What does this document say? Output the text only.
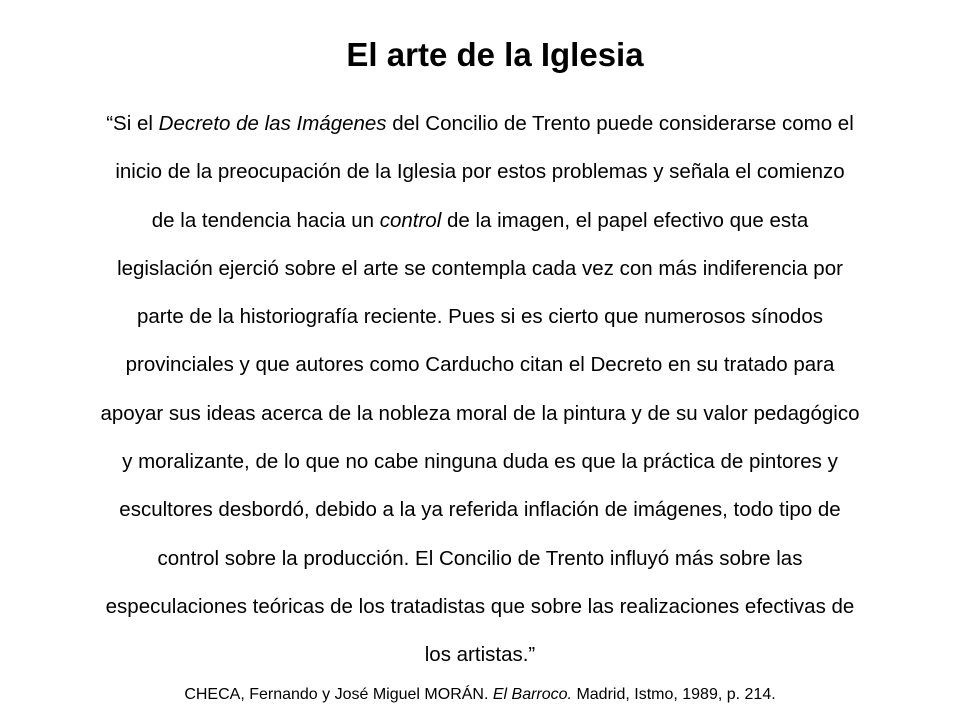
El arte de la Iglesia
“Si el Decreto de las Imágenes del Concilio de Trento puede considerarse como el
inicio de la preocupación de la Iglesia por estos problemas y señala el comienzo
de la tendencia hacia un control de la imagen, el papel efectivo que esta
legislación ejerció sobre el arte se contempla cada vez con más indiferencia por
parte de la historiografía reciente. Pues si es cierto que numerosos sínodos
provinciales y que autores como Carducho citan el Decreto en su tratado para
apoyar sus ideas acerca de la nobleza moral de la pintura y de su valor pedagógico
y moralizante, de lo que no cabe ninguna duda es que la práctica de pintores y
escultores desbordó, debido a la ya referida inflación de imágenes, todo tipo de
control sobre la producción. El Concilio de Trento influyó más sobre las
especulaciones teóricas de los tratadistas que sobre las realizaciones efectivas de
los artistas.”
CHECA, Fernando y José Miguel MORÁN. El Barroco. Madrid, Istmo, 1989, p. 214.
